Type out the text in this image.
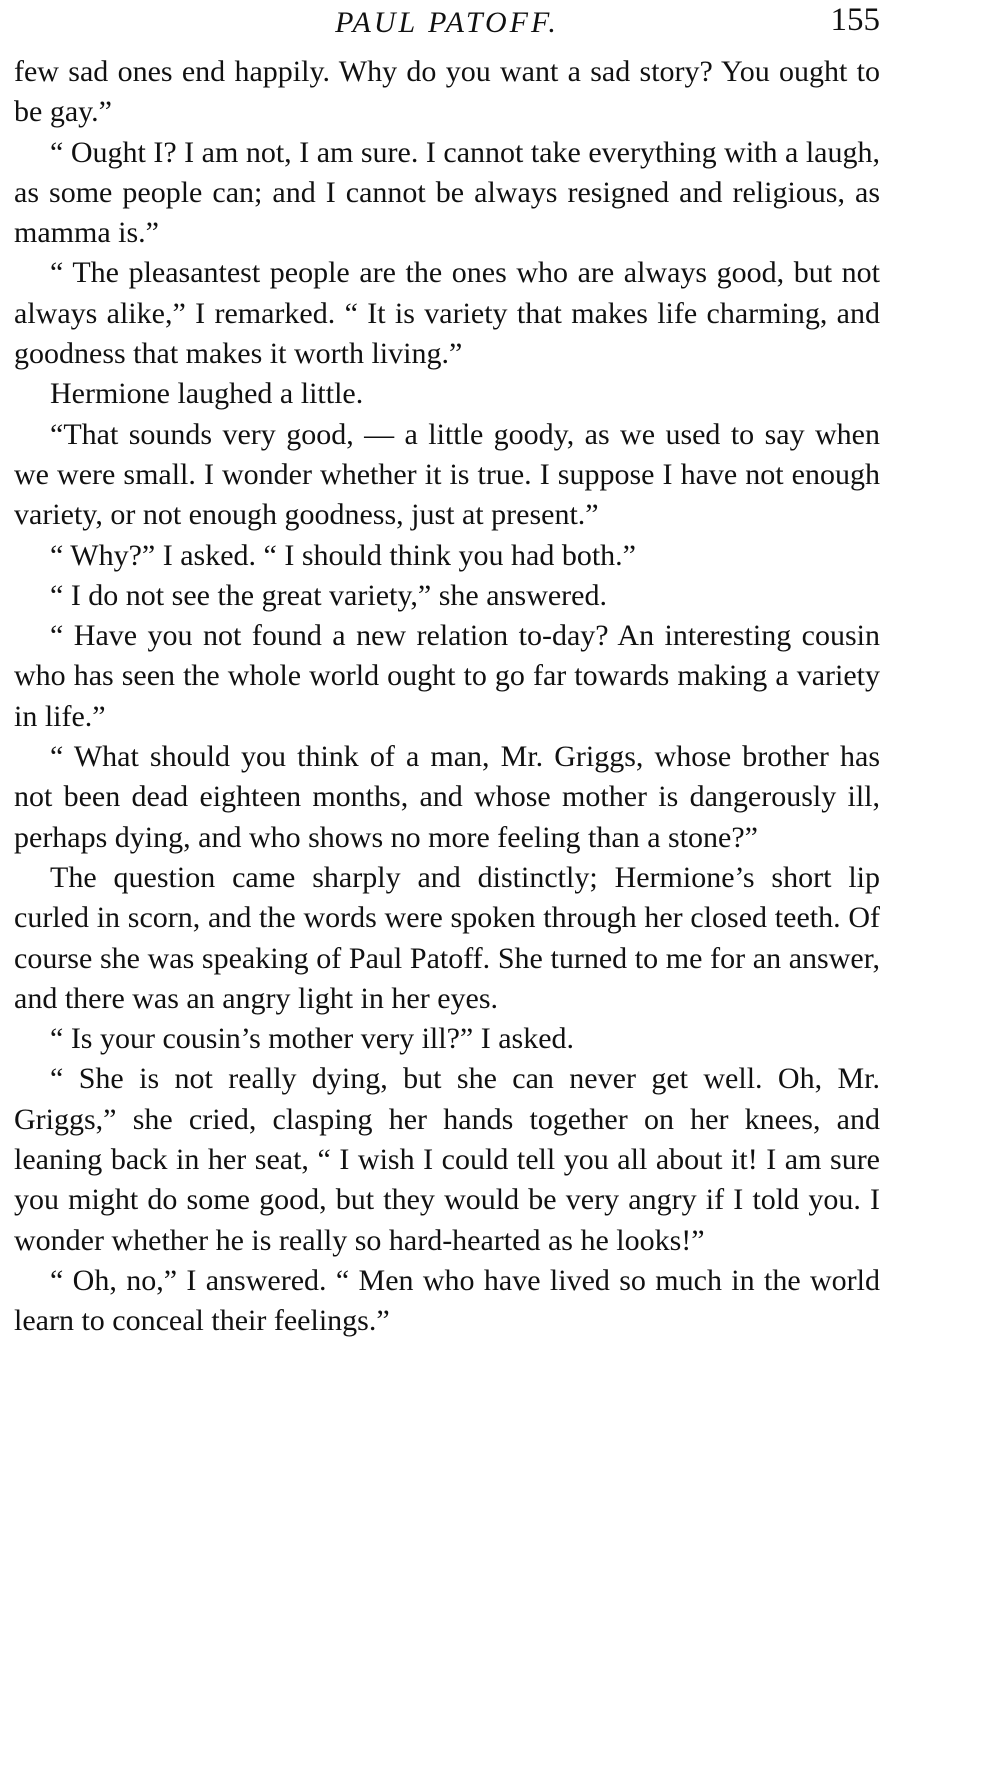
PAUL PATOFF.	155

few sad ones end happily. Why do you want a sad story? You ought to be gay.”

“ Ought I? I am not, I am sure. I cannot take everything with a laugh, as some people can; and I cannot be always resigned and religious, as mamma is.”

“ The pleasantest people are the ones who are always good, but not always alike,” I remarked. “ It is variety that makes life charming, and goodness that makes it worth living.”

Hermione laughed a little.

“That sounds very good, — a little goody, as we used to say when we were small. I wonder whether it is true. I suppose I have not enough variety, or not enough goodness, just at present.”

“ Why?” I asked. “ I should think you had both.”

“ I do not see the great variety,” she answered.

“ Have you not found a new relation to-day? An interesting cousin who has seen the whole world ought to go far towards making a variety in life.”

“ What should you think of a man, Mr. Griggs, whose brother has not been dead eighteen months, and whose mother is dangerously ill, perhaps dying, and who shows no more feeling than a stone?”

The question came sharply and distinctly; Hermione’s short lip curled in scorn, and the words were spoken through her closed teeth. Of course she was speaking of Paul Patoff. She turned to me for an answer, and there was an angry light in her eyes.

“ Is your cousin’s mother very ill?” I asked.

“ She is not really dying, but she can never get well. Oh, Mr. Griggs,” she cried, clasping her hands together on her knees, and leaning back in her seat, “ I wish I could tell you all about it! I am sure you might do some good, but they would be very angry if I told you. I wonder whether he is really so hard-hearted as he looks!”

“ Oh, no,” I answered. “ Men who have lived so much in the world learn to conceal their feelings.”
